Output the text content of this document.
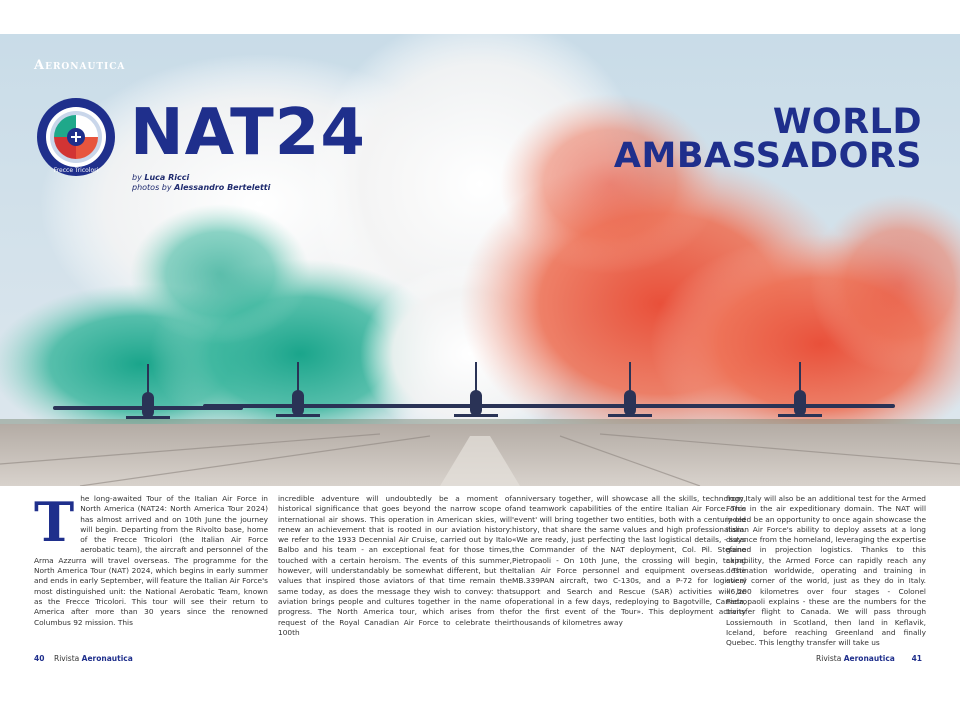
Aeronautica
Frecce Tricolori
NAT24
by Luca Ricci
photos by Alessandro Berteletti
WORLD
AMBASSADORS
T he long-awaited Tour of the Italian Air Force in North America (NAT24: North America Tour 2024) has almost arrived and on 10th June the journey will begin. Departing from the Rivolto base, home of the Frecce Tricolori (the Italian Air Force aerobatic team), the aircraft and personnel of the Arma Azzurra will travel overseas. The programme for the North America Tour (NAT) 2024, which begins in early summer and ends in early September, will feature the Italian Air Force's most distinguished unit: the National Aerobatic Team, known as the Frecce Tricolori. This tour will see their return to America after more than 30 years since the renowned Columbus 92 mission. This

incredible adventure will undoubtedly be a moment of historical significance that goes beyond the narrow scope of international air shows. This operation in American skies, will renew an achievement that is rooted in our aviation history: we refer to the 1933 Decennial Air Cruise, carried out by Italo Balbo and his team - an exceptional feat for those times, touched with a certain heroism. The events of this summer, however, will understandably be somewhat different, but the values that inspired those aviators of that time remain the same today, as does the message they wish to convey: that aviation brings people and cultures together in the name of progress. The North America tour, which arises from the request of the Royal Canadian Air Force to celebrate their 100th

anniversary together, will showcase all the skills, technology, and teamwork capabilities of the entire Italian Air Force. This 'event' will bring together two entities, both with a century-old history, that share the same values and high professionalism. «We are ready, just perfecting the last logistical details, - says the Commander of the NAT deployment, Col. Pil. Stefano Pietropaoli - On 10th June, the crossing will begin, taking Italian Air Force personnel and equipment overseas. The MB.339PAN aircraft, two C-130s, and a P-72 for logistical support and Search and Rescue (SAR) activities will be operational in a few days, redeploying to Bagotville, Canada, for the first event of the Tour». This deployment activity thousands of kilometres away

from Italy will also be an additional test for the Armed Force in the air expeditionary domain. The NAT will indeed be an opportunity to once again showcase the Italian Air Force's ability to deploy assets at a long distance from the homeland, leveraging the expertise gained in projection logistics. Thanks to this capability, the Armed Force can rapidly reach any destination worldwide, operating and training in every corner of the world, just as they do in Italy. «6,200 kilometres over four stages - Colonel Pietropaoli explains - these are the numbers for the transfer flight to Canada. We will pass through Lossiemouth in Scotland, then land in Keflavik, Iceland, before reaching Greenland and finally Quebec. This lengthy transfer will take us

40 Rivista Aeronautica	Rivista Aeronautica 41
